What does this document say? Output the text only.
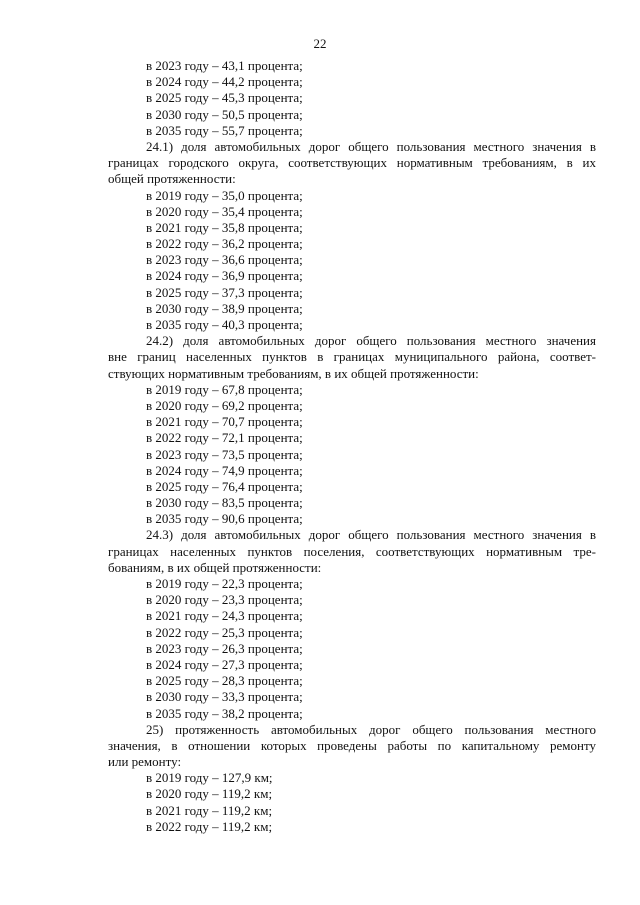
22
в 2023 году – 43,1 процента;
в 2024 году – 44,2 процента;
в 2025 году – 45,3 процента;
в 2030 году – 50,5 процента;
в 2035 году – 55,7 процента;
24.1) доля автомобильных дорог общего пользования местного значения в
границах городского округа, соответствующих нормативным требованиям, в их
общей протяженности:
в 2019 году – 35,0 процента;
в 2020 году – 35,4 процента;
в 2021 году – 35,8 процента;
в 2022 году – 36,2 процента;
в 2023 году – 36,6 процента;
в 2024 году – 36,9 процента;
в 2025 году – 37,3 процента;
в 2030 году – 38,9 процента;
в 2035 году – 40,3 процента;
24.2) доля автомобильных дорог общего пользования местного значения
вне границ населенных пунктов в границах муниципального района, соответ-
ствующих нормативным требованиям, в их общей протяженности:
в 2019 году – 67,8 процента;
в 2020 году – 69,2 процента;
в 2021 году – 70,7 процента;
в 2022 году – 72,1 процента;
в 2023 году – 73,5 процента;
в 2024 году – 74,9 процента;
в 2025 году – 76,4 процента;
в 2030 году – 83,5 процента;
в 2035 году – 90,6 процента;
24.3) доля автомобильных дорог общего пользования местного значения в
границах населенных пунктов поселения, соответствующих нормативным тре-
бованиям, в их общей протяженности:
в 2019 году – 22,3 процента;
в 2020 году – 23,3 процента;
в 2021 году – 24,3 процента;
в 2022 году – 25,3 процента;
в 2023 году – 26,3 процента;
в 2024 году – 27,3 процента;
в 2025 году – 28,3 процента;
в 2030 году – 33,3 процента;
в 2035 году – 38,2 процента;
25) протяженность автомобильных дорог общего пользования местного
значения, в отношении которых проведены работы по капитальному ремонту
или ремонту:
в 2019 году – 127,9 км;
в 2020 году – 119,2 км;
в 2021 году – 119,2 км;
в 2022 году – 119,2 км;
